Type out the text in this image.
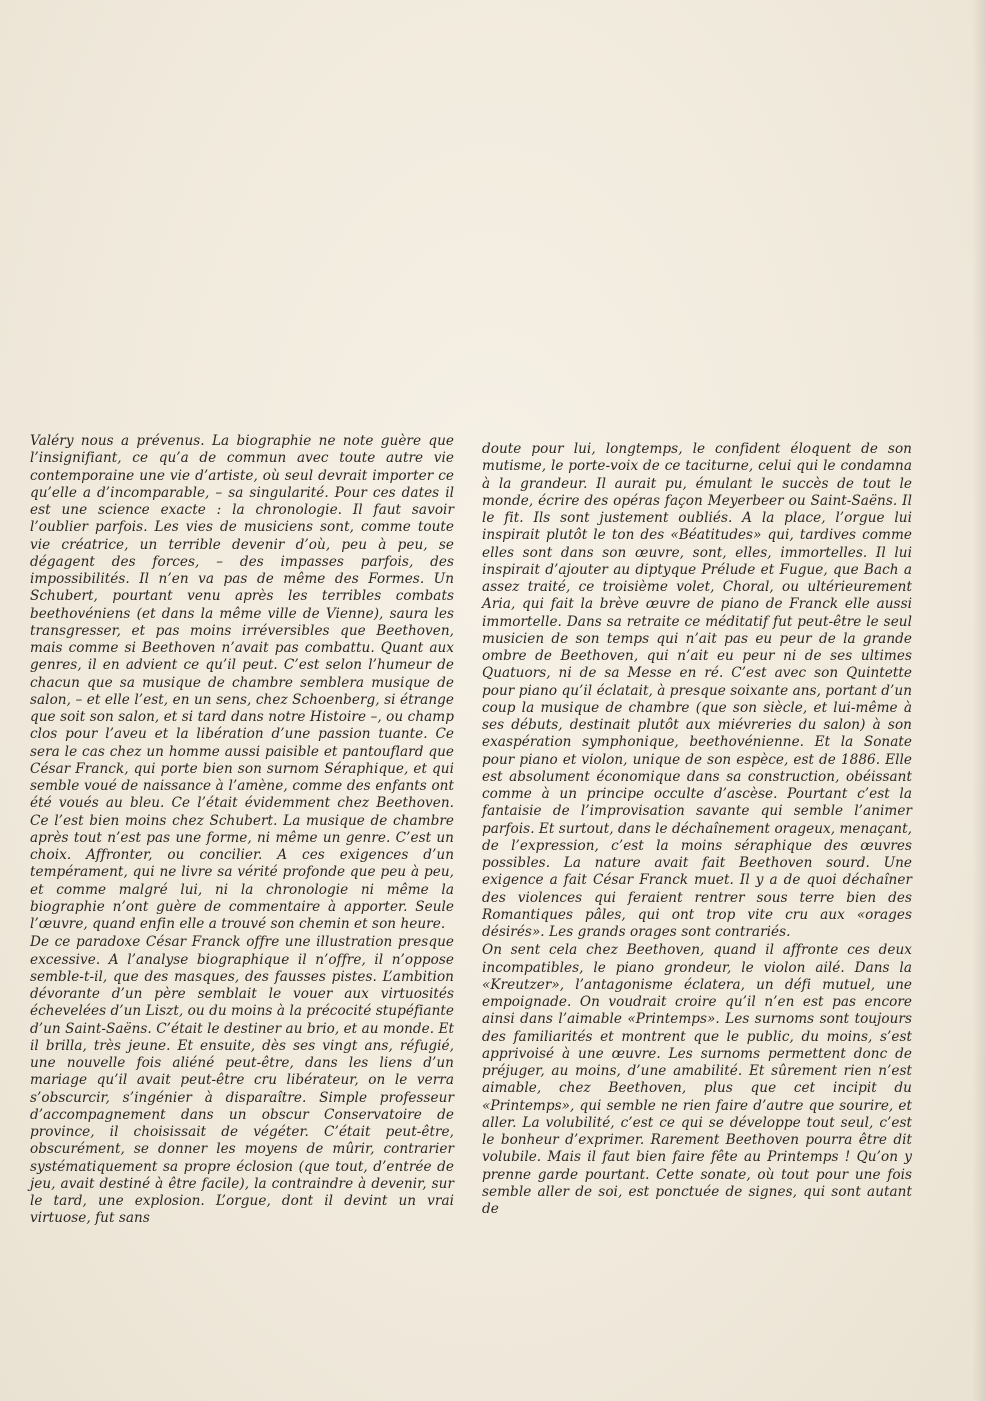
Valéry nous a prévenus. La biographie ne note guère que l’insignifiant, ce qu’a de commun avec toute autre vie contemporaine une vie d’artiste, où seul devrait importer ce qu’elle a d’incomparable, – sa singularité. Pour ces dates il est une science exacte : la chronologie. Il faut savoir l’oublier parfois. Les vies de musiciens sont, comme toute vie créatrice, un terrible devenir d’où, peu à peu, se dégagent des forces, – des impasses parfois, des impossibilités. Il n’en va pas de même des Formes. Un Schubert, pourtant venu après les terribles combats beethovéniens (et dans la même ville de Vienne), saura les transgresser, et pas moins irréversibles que Beethoven, mais comme si Beethoven n’avait pas combattu. Quant aux genres, il en advient ce qu’il peut. C’est selon l’humeur de chacun que sa musique de chambre semblera musique de salon, – et elle l’est, en un sens, chez Schoenberg, si étrange que soit son salon, et si tard dans notre Histoire –, ou champ clos pour l’aveu et la libération d’une passion tuante. Ce sera le cas chez un homme aussi paisible et pantouflard que César Franck, qui porte bien son surnom Séraphique, et qui semble voué de naissance à l’amène, comme des enfants ont été voués au bleu. Ce l’était évidemment chez Beethoven. Ce l’est bien moins chez Schubert. La musique de chambre après tout n’est pas une forme, ni même un genre. C’est un choix. Affronter, ou concilier. A ces exigences d’un tempérament, qui ne livre sa vérité profonde que peu à peu, et comme malgré lui, ni la chronologie ni même la biographie n’ont guère de commentaire à apporter. Seule l’œuvre, quand enfin elle a trouvé son chemin et son heure.

De ce paradoxe César Franck offre une illustration presque excessive. A l’analyse biographique il n’offre, il n’oppose semble-t-il, que des masques, des fausses pistes. L’ambition dévorante d’un père semblait le vouer aux virtuosités échevelées d’un Liszt, ou du moins à la précocité stupéfiante d’un Saint-Saëns. C’était le destiner au brio, et au monde. Et il brilla, très jeune. Et ensuite, dès ses vingt ans, réfugié, une nouvelle fois aliéné peut-être, dans les liens d’un mariage qu’il avait peut-être cru libérateur, on le verra s’obscurcir, s’ingénier à disparaître. Simple professeur d’accompagnement dans un obscur Conservatoire de province, il choisissait de végéter. C’était peut-être, obscurément, se donner les moyens de mûrir, contrarier systématiquement sa propre éclosion (que tout, d’entrée de jeu, avait destiné à être facile), la contraindre à devenir, sur le tard, une explosion. L’orgue, dont il devint un vrai virtuose, fut sans

doute pour lui, longtemps, le confident éloquent de son mutisme, le porte-voix de ce taciturne, celui qui le condamna à la grandeur. Il aurait pu, émulant le succès de tout le monde, écrire des opéras façon Meyerbeer ou Saint-Saëns. Il le fit. Ils sont justement oubliés. A la place, l’orgue lui inspirait plutôt le ton des «Béatitudes» qui, tardives comme elles sont dans son œuvre, sont, elles, immortelles. Il lui inspirait d’ajouter au diptyque Prélude et Fugue, que Bach a assez traité, ce troisième volet, Choral, ou ultérieurement Aria, qui fait la brève œuvre de piano de Franck elle aussi immortelle. Dans sa retraite ce méditatif fut peut-être le seul musicien de son temps qui n’ait pas eu peur de la grande ombre de Beethoven, qui n’ait eu peur ni de ses ultimes Quatuors, ni de sa Messe en ré. C’est avec son Quintette pour piano qu’il éclatait, à presque soixante ans, portant d’un coup la musique de chambre (que son siècle, et lui-même à ses débuts, destinait plutôt aux miévreries du salon) à son exaspération symphonique, beethovénienne. Et la Sonate pour piano et violon, unique de son espèce, est de 1886. Elle est absolument économique dans sa construction, obéissant comme à un principe occulte d’ascèse. Pourtant c’est la fantaisie de l’improvisation savante qui semble l’animer parfois. Et surtout, dans le déchaînement orageux, menaçant, de l’expression, c’est la moins séraphique des œuvres possibles. La nature avait fait Beethoven sourd. Une exigence a fait César Franck muet. Il y a de quoi déchaîner des violences qui feraient rentrer sous terre bien des Romantiques pâles, qui ont trop vite cru aux «orages désirés». Les grands orages sont contrariés.

On sent cela chez Beethoven, quand il affronte ces deux incompatibles, le piano grondeur, le violon ailé. Dans la «Kreutzer», l’antagonisme éclatera, un défi mutuel, une empoignade. On voudrait croire qu’il n’en est pas encore ainsi dans l’aimable «Printemps». Les surnoms sont toujours des familiarités et montrent que le public, du moins, s’est apprivoisé à une œuvre. Les surnoms permettent donc de préjuger, au moins, d’une amabilité. Et sûrement rien n’est aimable, chez Beethoven, plus que cet incipit du «Printemps», qui semble ne rien faire d’autre que sourire, et aller. La volubilité, c’est ce qui se développe tout seul, c’est le bonheur d’exprimer. Rarement Beethoven pourra être dit volubile. Mais il faut bien faire fête au Printemps ! Qu’on y prenne garde pourtant. Cette sonate, où tout pour une fois semble aller de soi, est ponctuée de signes, qui sont autant de
